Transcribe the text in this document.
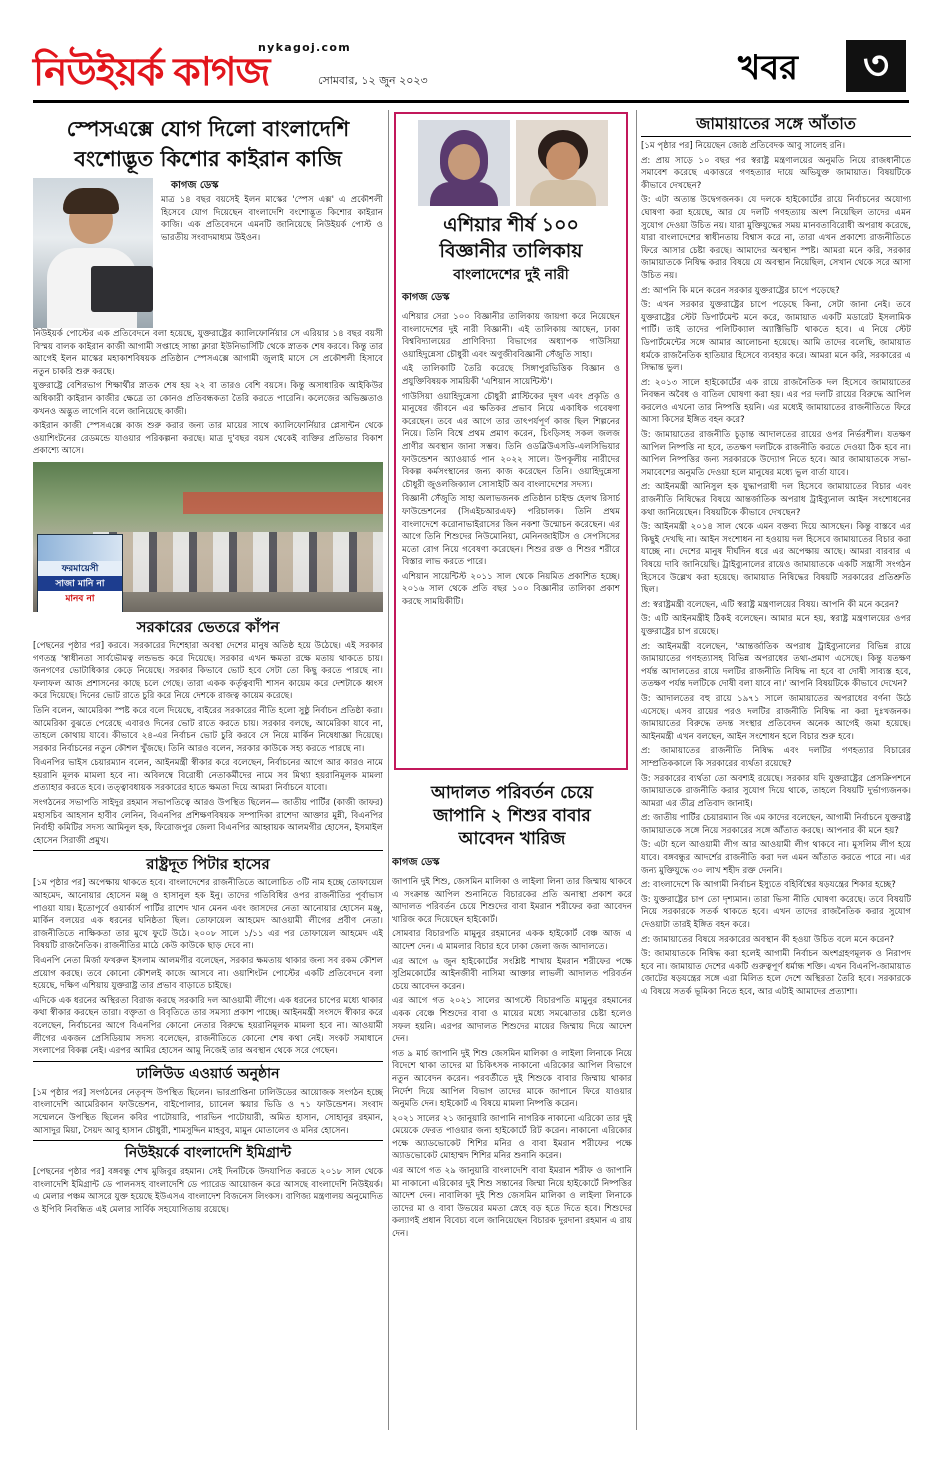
নিউইয়র্ক কাগজ
nykagoj.com
সোমবার, ১২ জুন ২০২৩	খবর	৩
স্পেসএক্সে যোগ দিলো বাংলাদেশি বংশোদ্ভূত কিশোর কাইরান কাজি
কাগজ ডেস্ক

মাত্র ১৪ বছর বয়সেই ইলন মাস্কের 'স্পেস এক্স' এ প্রকৌশলী হিসেবে যোগ দিয়েছেন বাংলাদেশি বংশোদ্ভূত কিশোর কাইরান কাজি। এক প্রতিবেদনে এমনটি জানিয়েছে নিউইয়র্ক পোস্ট ও ভারতীয় সংবাদমাধ্যম উইওন।

নিউইয়র্ক পোস্টের এক প্রতিবেদনে বলা হয়েছে, যুক্তরাষ্ট্রের ক্যালিফোর্নিয়ার সে এরিয়ার ১৪ বছর বয়সী বিস্ময় বালক কাইরান কাজী আগামী সপ্তাহে সান্তা ক্লারা ইউনিভার্সিটি থেকে স্নাতক শেষ করবে। কিন্তু তার আগেই ইলন মাস্কের মহাকাশবিষয়ক প্রতিষ্ঠান স্পেসএক্সে আগামী জুলাই মাসে সে প্রকৌশলী হিসাবে নতুন চাকরি শুরু করছে।

যুক্তরাষ্ট্রে বেশিরভাগ শিক্ষার্থীর স্নাতক শেষ হয় ২২ বা তারও বেশি বয়সে। কিন্তু অসাধারিক আইকিউর অধিকারী কাইরান কাজীর ক্ষেত্রে তা কোনও প্রতিবন্ধকতা তৈরি করতে পারেনি। কলেজের অভিজ্ঞতাও কখনও অদ্ভুত লাগেনি বলে জানিয়েছে কাজী।

কাইরান কাজী স্পেসএক্সে কাজ শুরু করার জন্য তার মায়ের সাথে ক্যালিফোর্নিয়ার প্লেসান্টন থেকে ওয়াশিংটনের রেডমন্ডে যাওয়ার পরিকল্পনা করছে। মাত্র দু'বছর বয়স থেকেই ব্যক্তির প্রতিভার বিকাশ প্রকাশ্যে আসে।

ফরমায়েসী
সাজা মানি না
মানব না
সরকারের ভেতরে কাঁপন

[পেছনের পৃষ্ঠার পর] করবে। সরকারের দিশেহারা অবস্থা দেশের মানুষ অতিষ্ঠ হয়ে উঠেছে। এই সরকার গণতন্ত্র 'স্বাধীনতা সার্বভৌমত্ব লন্ডভন্ড করে দিয়েছে। সরকার এখন ক্ষমতা রক্ষে মতায় থাকতে চায়। জনগণের ভোটাধিকার কেড়ে নিয়েছে। সরকার কিভাবে ভোট হবে সেটা তো কিছু করতে পারছে না। ফলাফল আজ প্রশাসনের কাছে চলে গেছে। তারা একক কর্তৃত্ববাদী শাসন কায়েম করে দেশটাকে ধ্বংস করে দিয়েছে। দিনের ভোট রাতে চুরি করে নিয়ে দেশকে রাজত্ব কায়েম করেছে।

তিনি বলেন, আমেরিকা স্পষ্ট করে বলে দিয়েছে, বাইরের সরকারের নীতি হলো সুষ্ঠু নির্বাচন প্রতিষ্ঠা করা। আমেরিকা বুঝতে পেরেছে এবারও দিনের ভোট রাতে করতে চায়। সরকার বলছে, আমেরিকা যাবে না, তাহলে কোথায় যাবে। কীভাবে ২৪-এর নির্বাচন ভোট চুরি করবে সে নিয়ে মার্কিন নিষেধাজ্ঞা দিয়েছে। সরকার নির্বাচনের নতুন কৌশল খুঁজছে। তিনি আরও বলেন, সরকার কাউকে সহ্য করতে পারছে না।

বিএনপির ভাইস চেয়ারম্যান বলেন, আইনমন্ত্রী স্বীকার করে বলেছেন, নির্বাচনের আগে আর কারও নামে হয়রানি মূলক মামলা হবে না। অবিলম্বে বিরোধী নেতাকর্মীদের নামে সব মিথ্যা হয়রানিমূলক মামলা প্রত্যাহার করতে হবে। তত্ত্বাবধায়ক সরকারের হাতে ক্ষমতা দিয়ে আমরা নির্বাচনে যাবো।

সংগঠনের সভাপতি সাইদুর রহমান সভাপতিত্বে আরও উপস্থিত ছিলেন— জাতীয় পার্টির (কাজী জাফর) মহাসচিব আহসান হাবীব লেনিন, বিএনপির প্রশিক্ষণবিষয়ক সম্পাদিকা রাশেদা আক্তার মুন্নী, বিএনপির নির্বাহী কমিটির সদস্য আমিনুল হক, ফিরোজপুর জেলা বিএনপির আহ্বায়ক আলমগীর হোসেন, ইসমাইল হোসেন সিরাজী প্রমুখ।

রাষ্ট্রদূত পিটার হাসের

[১ম পৃষ্ঠার পর] অপেক্ষায় থাকতে হবে। বাংলাদেশের রাজনীতিতে আলোচিত ৩টি নাম হচ্ছে তোফায়েল আহমেদ, আনোয়ার হোসেন মঞ্জু ও হাসানুল হক ইনু। তাদের গতিবিধির ওপর রাজনীতির পূর্বাভাস পাওয়া যায়। ইতোপূর্বে ওয়ার্কার্স পার্টির রাশেদ খান মেনন এবং জাসদের নেতা আনোয়ার হোসেন মঞ্জু, মার্কিন বলয়ের এক ধরনের ঘনিষ্ঠতা ছিল। তোফায়েল আহমেদ আওয়ামী লীগের প্রবীণ নেতা। রাজনীতিতে নাক্ষিকতা তার মুখে ফুটে উঠে। ২০০৮ সালে ১/১১ এর পর তোফায়েল আহমেদ এই বিষয়টি রাজনৈতিক। রাজনীতির মাঠে কেউ কাউকে ছাড় দেবে না।

বিএনপি নেতা মির্জা ফখরুল ইসলাম আলমগীর বলেছেন, সরকার ক্ষমতায় থাকার জন্য সব রকম কৌশল প্রয়োগ করছে। তবে কোনো কৌশলই কাজে আসবে না। ওয়াশিংটন পোস্টের একটি প্রতিবেদনে বলা হয়েছে, দক্ষিণ এশিয়ায় যুক্তরাষ্ট্র তার প্রভাব বাড়াতে চাইছে।

এদিকে এক ধরনের অস্থিরতা বিরাজ করছে সরকারি দল আওয়ামী লীগে। এক ধরনের চাপের মধ্যে থাকার কথা স্বীকার করছেন তারা। বক্তৃতা ও বিবৃতিতে তার সমস্যা প্রকাশ পাচ্ছে। আইনমন্ত্রী সংসদে স্বীকার করে বলেছেন, নির্বাচনের আগে বিএনপির কোনো নেতার বিরুদ্ধে হয়রানিমূলক মামলা হবে না। আওয়ামী লীগের একজন প্রেসিডিয়াম সদস্য বলেছেন, রাজনীতিতে কোনো শেষ কথা নেই। সংকট সমাধানে সংলাপের বিকল্প নেই। এরপর আমির হোসেন আমু নিজেই তার অবস্থান থেকে সরে গেছেন।

ঢালিউড এওয়ার্ড অনুষ্ঠান

[১ম পৃষ্ঠার পর] সংগঠনের নেতৃবৃন্দ উপস্থিত ছিলেন। ভারপ্রাপ্তিনা ঢালিউডের আয়োজক সংগঠন হচ্ছে বাংলাদেশি আমেরিকান ফাউন্ডেশন, বাইপোলার, চ্যানেল স্কয়ার ভিডি ও ৭১ ফাউন্ডেশন। সংবাদ সম্মেলনে উপস্থিত ছিলেন কবির পাটোয়ারি, পারভিন পাটোয়ারী, অমিত হাসান, সোহানুর রহমান, আসাদুর মিয়া, সৈয়দ আবু হাসান চৌধুরী, শামসুদ্দিন মাহবুব, মামুন মোতালেব ও মনির হোসেন।

নিউইয়র্কে বাংলাদেশি ইমিগ্রান্ট

[পেছনের পৃষ্ঠার পর] বঙ্গবন্ধু শেখ মুজিবুর রহমান। সেই দিনটিকে উদযাপিত করতে ২০১৮ সাল থেকে বাংলাদেশি ইমিগ্রান্ট ডে পালনসহ বাংলাদেশি ডে প্যারেড আয়োজন করে আসছে বাংলাদেশি নিউইয়র্ক। এ মেলার পঞ্চম আসরে যুক্ত হয়েছে ইউএসএ বাংলাদেশ বিজনেস লিংকস। বাণিজ্য মন্ত্রণালয় অনুমোদিত ও ইপিবি নিবন্ধিত এই মেলার সার্বিক সহযোগিতায় রয়েছে।

এশিয়ার শীর্ষ ১০০
বিজ্ঞানীর তালিকায়
বাংলাদেশের দুই নারী
কাগজ ডেস্ক

এশিয়ার সেরা ১০০ বিজ্ঞানীর তালিকায় জায়গা করে নিয়েছেন বাংলাদেশের দুই নারী বিজ্ঞানী। এই তালিকায় আছেন, ঢাকা বিশ্ববিদ্যালয়ের প্রাণিবিদ্যা বিভাগের অধ্যাপক গাউসিয়া ওয়াহিদুন্নেসা চৌধুরী এবং অণুজীববিজ্ঞানী সেঁজুতি সাহা।

এই তালিকাটি তৈরি করেছে সিঙ্গাপুরভিত্তিক বিজ্ঞান ও প্রযুক্তিবিষয়ক সাময়িকী 'এশিয়ান সায়েন্টিস্ট'।

গাউসিয়া ওয়াহিদুন্নেসা চৌধুরী প্লাস্টিকের দূষণ এবং প্রকৃতি ও মানুষের জীবনে এর ক্ষতিকর প্রভাব নিয়ে একাধিক গবেষণা করেছেন। তবে এর আগে তার তাৎপর্যপূর্ণ কাজ ছিল শিল্পনের নিয়ে। তিনি বিশ্বে প্রথম প্রমাণ করেন, চিংড়িসহ সকল জলজ প্রাণীর অবস্থান জানা সম্ভব। তিনি ওডব্লিউএসডি-এলসিভিয়ার ফাউন্ডেশন অ্যাওয়ার্ড পান ২০২২ সালে। উপকূলীয় নারীদের বিকল্প কর্মসংস্থানের জন্য কাজ করেছেন তিনি। ওয়াহিদুন্নেসা চৌধুরী জুওলজিক্যাল সোসাইটি অব বাংলাদেশের সদস্য।

বিজ্ঞানী সেঁজুতি সাহা অলাভজনক প্রতিষ্ঠান চাইল্ড হেলথ রিসার্চ ফাউন্ডেশনের (সিএইচআরএফ) পরিচালক। তিনি প্রথম বাংলাদেশে করোনাভাইরাসের জিন নকশা উন্মোচন করেছেন। এর আগে তিনি শিশুদের নিউমোনিয়া, মেনিনজাইটিস ও সেপসিসের মতো রোগ নিয়ে গবেষণা করেছেন। শিশুর রক্ত ও শিশুর শরীরে বিস্তার লাভ করতে পারে।

এশিয়ান সায়েন্টিস্ট ২০১১ সাল থেকে নিয়মিত প্রকাশিত হচ্ছে। ২০১৬ সাল থেকে প্রতি বছর ১০০ বিজ্ঞানীর তালিকা প্রকাশ করছে সাময়িকীটি।

আদালত পরিবর্তন চেয়ে
জাপানি ২ শিশুর বাবার
আবেদন খারিজ
কাগজ ডেস্ক

জাপানি দুই শিশু, জেসমিন মালিকা ও লাইলা লিনা তার জিম্মায় থাকবে এ সংক্রান্ত আপিল শুনানিতে বিচারকের প্রতি অনাস্থা প্রকাশ করে আদালত পরিবর্তন চেয়ে শিশুদের বাবা ইমরান শরীফের করা আবেদন খারিজ করে দিয়েছেন হাইকোর্ট।

সোমবার বিচারপতি মামুনুর রহমানের একক হাইকোর্ট বেঞ্চ আজ এ আদেশ দেন। এ মামলার বিচার হবে ঢাকা জেলা জজ আদালতে।

এর আগে ৬ জুন হাইকোর্টের সংশ্লিষ্ট শাখায় ইমরান শরীফের পক্ষে সুপ্রিমকোর্টের আইনজীবী নাসিমা আক্তার লাভলী আদালত পরিবর্তন চেয়ে আবেদন করেন।

এর আগে গত ২০২১ সালের আগস্টে বিচারপতি মামুনুর রহমানের একক বেঞ্চে শিশুদের বাবা ও মায়ের মধ্যে সমঝোতার চেষ্টা হলেও সফল হয়নি। এরপর আদালত শিশুদের মায়ের জিম্মায় দিয়ে আদেশ দেন।

গত ৯ মার্চ জাপানি দুই শিশু জেসমিন মালিকা ও লাইলা লিনাকে নিয়ে বিদেশে থাকা তাদের মা চিকিৎসক নাকানো এরিকোর আপিল বিভাগে নতুন আবেদন করেন। পরবর্তীতে দুই শিশুকে বাবার জিম্মায় থাকার নির্দেশ দিয়ে আপিল বিভাগ তাদের মাকে জাপানে ফিরে যাওয়ার অনুমতি দেন। হাইকোর্ট এ বিষয়ে মামলা নিষ্পত্তি করেন।

২০২১ সালের ২১ জানুয়ারি জাপানি নাগরিক নাকানো এরিকো তার দুই মেয়েকে ফেরত পাওয়ার জন্য হাইকোর্টে রিট করেন। নাকানো এরিকোর পক্ষে অ্যাডভোকেট শিশির মনির ও বাবা ইমরান শরীফের পক্ষে অ্যাডভোকেট মোহাম্মদ শিশির মনির শুনানি করেন।

এর আগে গত ২৯ জানুয়ারি বাংলাদেশি বাবা ইমরান শরীফ ও জাপানি মা নাকানো এরিকোর দুই শিশু সন্তানের জিম্মা নিয়ে হাইকোর্টে নিষ্পত্তির আদেশ দেন। নাবালিকা দুই শিশু জেসমিন মালিকা ও লাইলা লিনাকে তাদের মা ও বাবা উভয়ের মমতা স্নেহে বড় হতে দিতে হবে। শিশুদের কল্যাণই প্রধান বিবেচ্য বলে জানিয়েছেন বিচারক দুরদানা রহমান এ রায় দেন।

জামায়াতের সঙ্গে আঁতাত

[১ম পৃষ্ঠার পর] নিয়েছেন জ্যেষ্ঠ প্রতিবেদক আবু সালেহ রনি।

প্র: প্রায় সাড়ে ১০ বছর পর স্বরাষ্ট্র মন্ত্রণালয়ের অনুমতি নিয়ে রাজধানীতে সমাবেশ করেছে একাত্তরে গণহত্যার দায়ে অভিযুক্ত জামায়াত। বিষয়টিকে কীভাবে দেখছেন?

উ: এটা অত্যন্ত উদ্বেগজনক। যে দলকে হাইকোর্টের রায়ে নির্বাচনের অযোগ্য ঘোষণা করা হয়েছে, আর যে দলটি গণহত্যায় অংশ নিয়েছিল তাদের এমন সুযোগ দেওয়া উচিত নয়। যারা মুক্তিযুদ্ধের সময় মানবতাবিরোধী অপরাধ করেছে, যারা বাংলাদেশের স্বাধীনতায় বিশ্বাস করে না, তারা এখন প্রকাশ্যে রাজনীতিতে ফিরে আসার চেষ্টা করছে। আমাদের অবস্থান স্পষ্ট। আমরা মনে করি, সরকার জামায়াতকে নিষিদ্ধ করার বিষয়ে যে অবস্থান নিয়েছিল, সেখান থেকে সরে আসা উচিত নয়।

প্র: আপনি কি মনে করেন সরকার যুক্তরাষ্ট্রের চাপে পড়েছে?

উ: এখন সরকার যুক্তরাষ্ট্রের চাপে পড়েছে কিনা, সেটা জানা নেই। তবে যুক্তরাষ্ট্রের স্টেট ডিপার্টমেন্ট মনে করে, জামায়াত একটি মডারেট ইসলামিক পার্টি। তাই তাদের পলিটিক্যাল অ্যাক্টিভিটি থাকতে হবে। এ নিয়ে স্টেট ডিপার্টমেন্টের সঙ্গে আমার আলোচনা হয়েছে। আমি তাদের বলেছি, জামায়াত ধর্মকে রাজনৈতিক হাতিয়ার হিসেবে ব্যবহার করে। আমরা মনে করি, সরকারের এ সিদ্ধান্ত ভুল।

প্র: ২০১৩ সালে হাইকোর্টের এক রায়ে রাজনৈতিক দল হিসেবে জামায়াতের নিবন্ধন অবৈধ ও বাতিল ঘোষণা করা হয়। এর পর দলটি রায়ের বিরুদ্ধে আপিল করলেও এখনো তার নিষ্পত্তি হয়নি। এর মধ্যেই জামায়াতের রাজনীতিতে ফিরে আসা কিসের ইঙ্গিত বহন করে?

উ: জামায়াতের রাজনীতি চূড়ান্ত আদালতের রায়ের ওপর নির্ভরশীল। যতক্ষণ আপিল নিষ্পত্তি না হবে, ততক্ষণ দলটিকে রাজনীতি করতে দেওয়া ঠিক হবে না। আপিল নিষ্পত্তির জন্য সরকারকে উদ্যোগ নিতে হবে। আর জামায়াতকে সভা-সমাবেশের অনুমতি দেওয়া হলে মানুষের মধ্যে ভুল বার্তা যাবে।

প্র: আইনমন্ত্রী আনিসুল হক যুদ্ধাপরাধী দল হিসেবে জামায়াতের বিচার এবং রাজনীতি নিষিদ্ধের বিষয়ে আন্তর্জাতিক অপরাধ ট্রাইব্যুনাল আইন সংশোধনের কথা জানিয়েছেন। বিষয়টিকে কীভাবে দেখছেন?

উ: আইনমন্ত্রী ২০১৪ সাল থেকে এমন বক্তব্য দিয়ে আসছেন। কিন্তু বাস্তবে এর কিছুই দেখছি না। আইন সংশোধন না হওয়ায় দল হিসেবে জামায়াতের বিচার করা যাচ্ছে না। দেশের মানুষ দীর্ঘদিন ধরে এর অপেক্ষায় আছে। আমরা বারবার এ বিষয়ে দাবি জানিয়েছি। ট্রাইব্যুনালের রায়েও জামায়াতকে একটি সন্ত্রাসী সংগঠন হিসেবে উল্লেখ করা হয়েছে। জামায়াত নিষিদ্ধের বিষয়টি সরকারের প্রতিশ্রুতি ছিল।

প্র: স্বরাষ্ট্রমন্ত্রী বলেছেন, এটি স্বরাষ্ট্র মন্ত্রণালয়ের বিষয়। আপনি কী মনে করেন?

উ: এটি আইনমন্ত্রীই ঠিকই বলেছেন। আমার মনে হয়, স্বরাষ্ট্র মন্ত্রণালয়ের ওপর যুক্তরাষ্ট্রের চাপ রয়েছে।

প্র: আইনমন্ত্রী বলেছেন, 'আন্তর্জাতিক অপরাধ ট্রাইব্যুনালের বিভিন্ন রায়ে জামায়াতের গণহত্যাসহ বিভিন্ন অপরাধের তথ্য-প্রমাণ এসেছে। কিন্তু যতক্ষণ পর্যন্ত আদালতের রায়ে দলটির রাজনীতি নিষিদ্ধ না হবে বা দোষী সাব্যস্ত হবে, ততক্ষণ পর্যন্ত দলটিকে দোষী বলা যাবে না।' আপনি বিষয়টিকে কীভাবে দেখেন?

উ: আদালতের বহু রায়ে ১৯৭১ সালে জামায়াতের অপরাধের বর্ণনা উঠে এসেছে। এসব রায়ের পরও দলটির রাজনীতি নিষিদ্ধ না করা দুঃখজনক। জামায়াতের বিরুদ্ধে তদন্ত সংস্থার প্রতিবেদন অনেক আগেই জমা হয়েছে। আইনমন্ত্রী এখন বলছেন, আইন সংশোধন হলে বিচার শুরু হবে।

প্র: জামায়াতের রাজনীতি নিষিদ্ধ এবং দলটির গণহত্যার বিচারের সাম্প্রতিককালে কি সরকারের ব্যর্থতা রয়েছে?

উ: সরকারের ব্যর্থতা তো অবশ্যই রয়েছে। সরকার যদি যুক্তরাষ্ট্রের প্রেসক্রিপশনে জামায়াতকে রাজনীতি করার সুযোগ দিয়ে থাকে, তাহলে বিষয়টি দুর্ভাগ্যজনক। আমরা এর তীব্র প্রতিবাদ জানাই।

প্র: জাতীয় পার্টির চেয়ারম্যান জি এম কাদের বলেছেন, আগামী নির্বাচনে যুক্তরাষ্ট্র জামায়াতকে সঙ্গে নিয়ে সরকারের সঙ্গে আঁতাত করছে। আপনার কী মনে হয়?

উ: এটা হলে আওয়ামী লীগ আর আওয়ামী লীগ থাকবে না। মুসলিম লীগ হয়ে যাবে। বঙ্গবন্ধুর আদর্শের রাজনীতি করা দল এমন আঁতাত করতে পারে না। এর জন্য মুক্তিযুদ্ধে ৩০ লাখ শহীদ রক্ত দেননি।

প্র: বাংলাদেশে কি আগামী নির্বাচন ইস্যুতে বহির্বিশ্বের ষড়যন্ত্রের শিকার হচ্ছে?

উ: যুক্তরাষ্ট্রের চাপ তো দৃশ্যমান। তারা ভিসা নীতি ঘোষণা করেছে। তবে বিষয়টি নিয়ে সরকারকে সতর্ক থাকতে হবে। এখন তাদের রাজনৈতিক করার সুযোগ দেওয়াটা তারই ইঙ্গিত বহন করে।

প্র: জামায়াতের বিষয়ে সরকারের অবস্থান কী হওয়া উচিত বলে মনে করেন?

উ: জামায়াতকে নিষিদ্ধ করা হলেই আগামী নির্বাচন অংশগ্রহণমূলক ও নিরাপদ হবে না। জামায়াত দেশের একটি গুরুত্বপূর্ণ ধর্মান্ধ শক্তি। এখন বিএনপি-জামায়াত জোটের ষড়যন্ত্রের সঙ্গে এরা মিলিত হলে দেশে অস্থিরতা তৈরি হবে। সরকারকে এ বিষয়ে সতর্ক ভূমিকা নিতে হবে, আর এটাই আমাদের প্রত্যাশা।
